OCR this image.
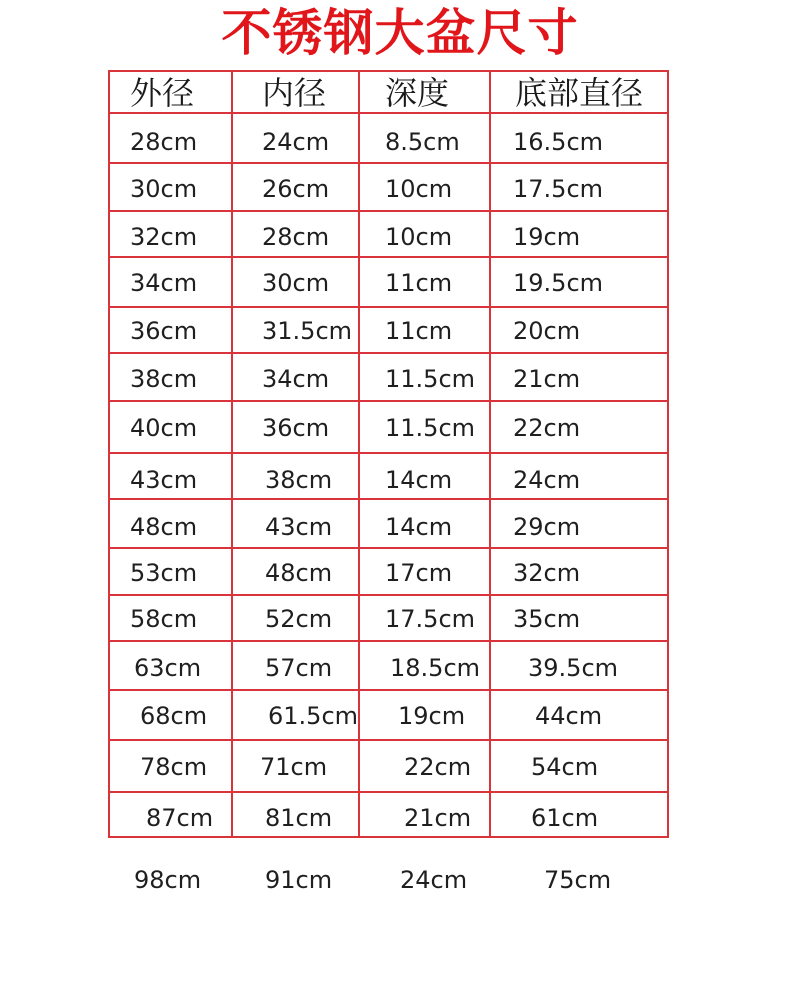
不锈钢大盆尺寸
外径 内径 深度 底部直径
28cm	24cm 8.5cm 16.5cm
30cm	26cm 10cm	17.5cm
32cm	28cm 10cm	19cm
34cm	30cm 11cm	19.5cm
36cm	31.5cm 11cm	20cm
38cm	34cm 11.5cm 21cm
40cm	36cm 11.5cm 22cm
43cm	38cm 14cm	24cm
48cm	43cm 14cm	29cm
53cm	48cm 17cm	32cm
58cm	52cm 17.5cm 35cm
63cm	57cm 18.5cm 39.5cm
68cm	61.5cm 19cm	44cm
78cm 71cm	22cm 54cm
87cm 81cm	21cm 61cm
98cm	91cm	24cm	75cm
